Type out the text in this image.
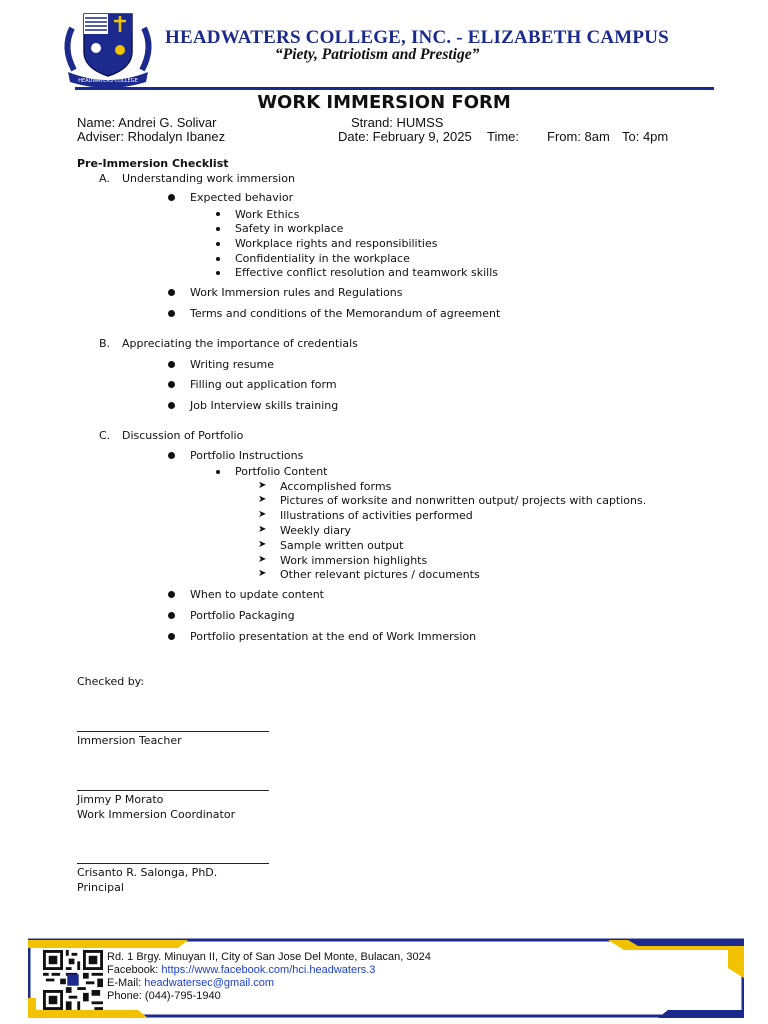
HEADWATERS COLLEGE
HEADWATERS COLLEGE, INC. - ELIZABETH CAMPUS
“Piety, Patriotism and Prestige”
WORK IMMERSION FORM
Name: Andrei G. Solivar	Strand: HUMSS
Adviser: Rhodalyn Ibanez	Date: February 9, 2025 Time: From: 8am To: 4pm
Pre-Immersion Checklist
A. Understanding work immersion
Expected behavior
Work Ethics
Safety in workplace
Workplace rights and responsibilities
Confidentiality in the workplace
Effective conflict resolution and teamwork skills
Work Immersion rules and Regulations
Terms and conditions of the Memorandum of agreement
B. Appreciating the importance of credentials
Writing resume
Filling out application form
Job Interview skills training
C. Discussion of Portfolio
Portfolio Instructions
Portfolio Content
➤ Accomplished forms
➤ Pictures of worksite and nonwritten output/ projects with captions.
➤ Illustrations of activities performed
➤ Weekly diary
➤ Sample written output
➤ Work immersion highlights
➤ Other relevant pictures / documents
When to update content
Portfolio Packaging
Portfolio presentation at the end of Work Immersion
Checked by:
Immersion Teacher
Jimmy P Morato
Work Immersion Coordinator
Crisanto R. Salonga, PhD.
Principal
Rd. 1 Brgy. Minuyan II, City of San Jose Del Monte, Bulacan, 3024
Facebook: https://www.facebook.com/hci.headwaters.3
E-Mail: headwatersec@gmail.com
Phone: (044)-795-1940
